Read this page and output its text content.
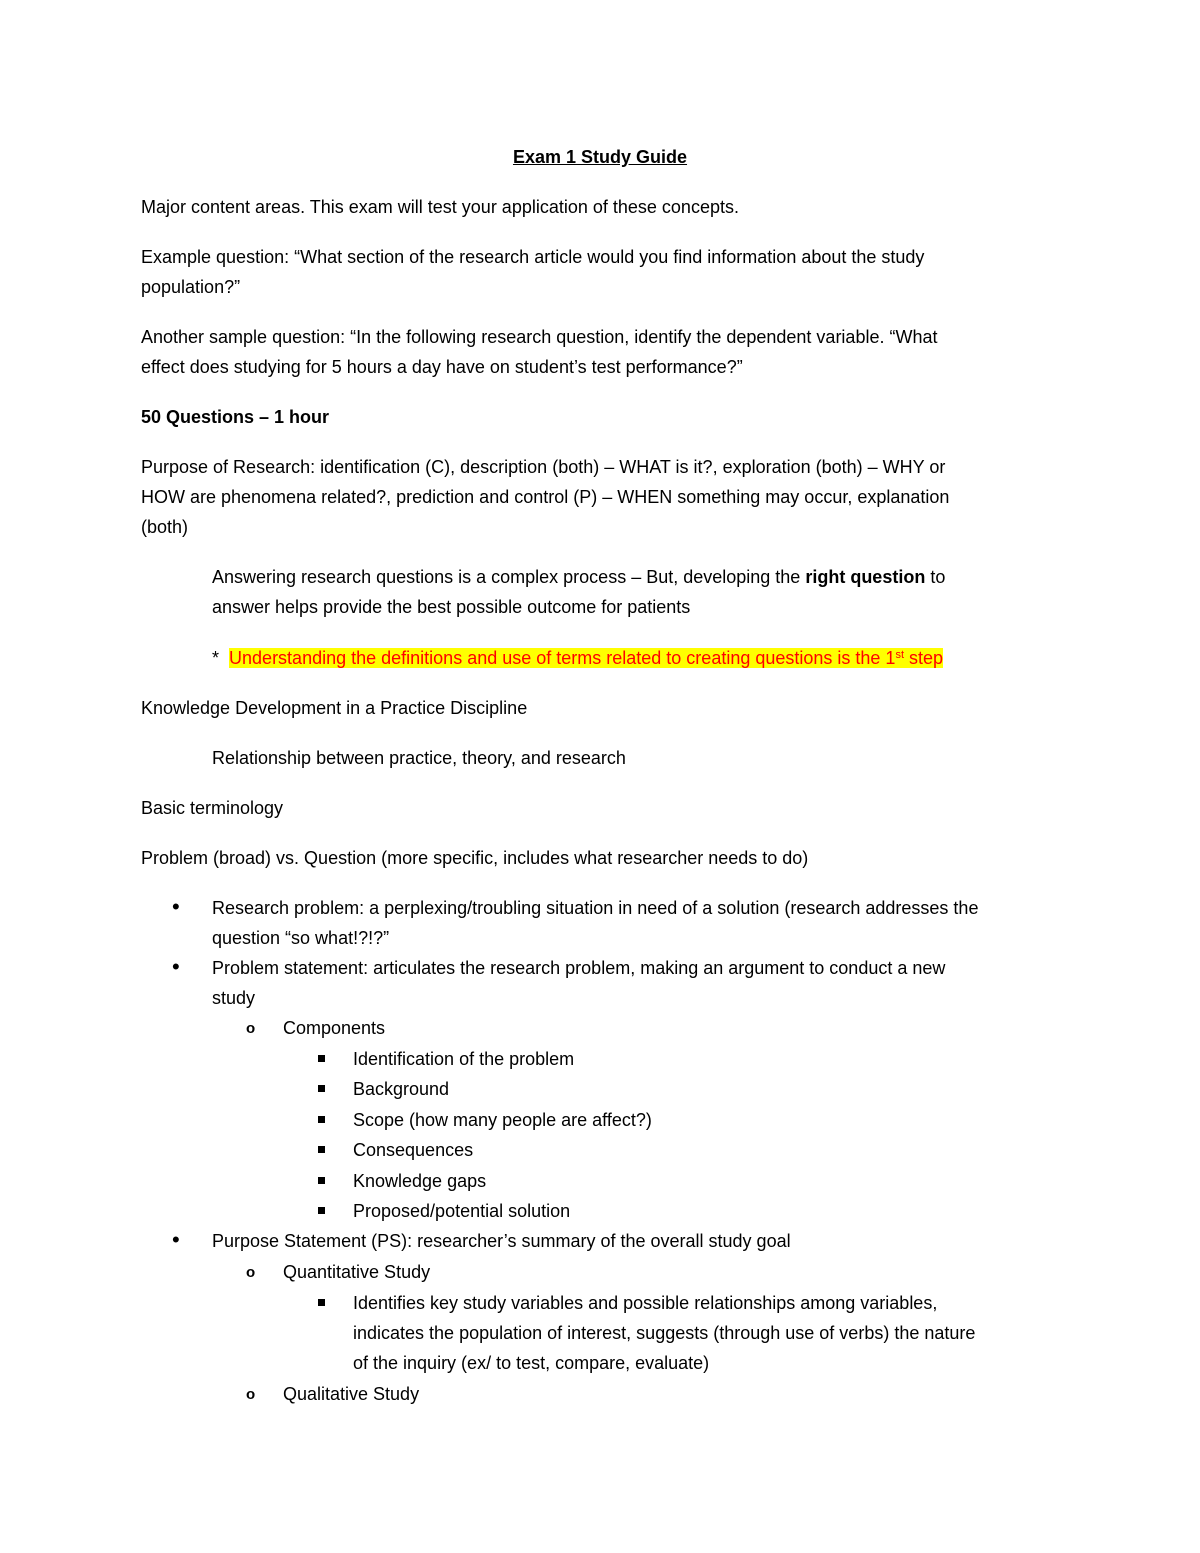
Exam 1 Study Guide
Major content areas. This exam will test your application of these concepts.
Example question: “What section of the research article would you find information about the study
population?”
Another sample question: “In the following research question, identify the dependent variable. “What
effect does studying for 5 hours a day have on student’s test performance?”
50 Questions – 1 hour
Purpose of Research: identification (C), description (both) – WHAT is it?, exploration (both) – WHY or
HOW are phenomena related?, prediction and control (P) – WHEN something may occur, explanation
(both)
Answering research questions is a complex process – But, developing the right question to
answer helps provide the best possible outcome for patients
* Understanding the definitions and use of terms related to creating questions is the 1st step
Knowledge Development in a Practice Discipline
Relationship between practice, theory, and research
Basic terminology
Problem (broad) vs. Question (more specific, includes what researcher needs to do)
• Research problem: a perplexing/troubling situation in need of a solution (research addresses the
question “so what!?!?”
• Problem statement: articulates the research problem, making an argument to conduct a new
study
o Components
Identification of the problem
Background
Scope (how many people are affect?)
Consequences
Knowledge gaps
Proposed/potential solution
• Purpose Statement (PS): researcher’s summary of the overall study goal
o Quantitative Study
Identifies key study variables and possible relationships among variables,
indicates the population of interest, suggests (through use of verbs) the nature
of the inquiry (ex/ to test, compare, evaluate)
o Qualitative Study
